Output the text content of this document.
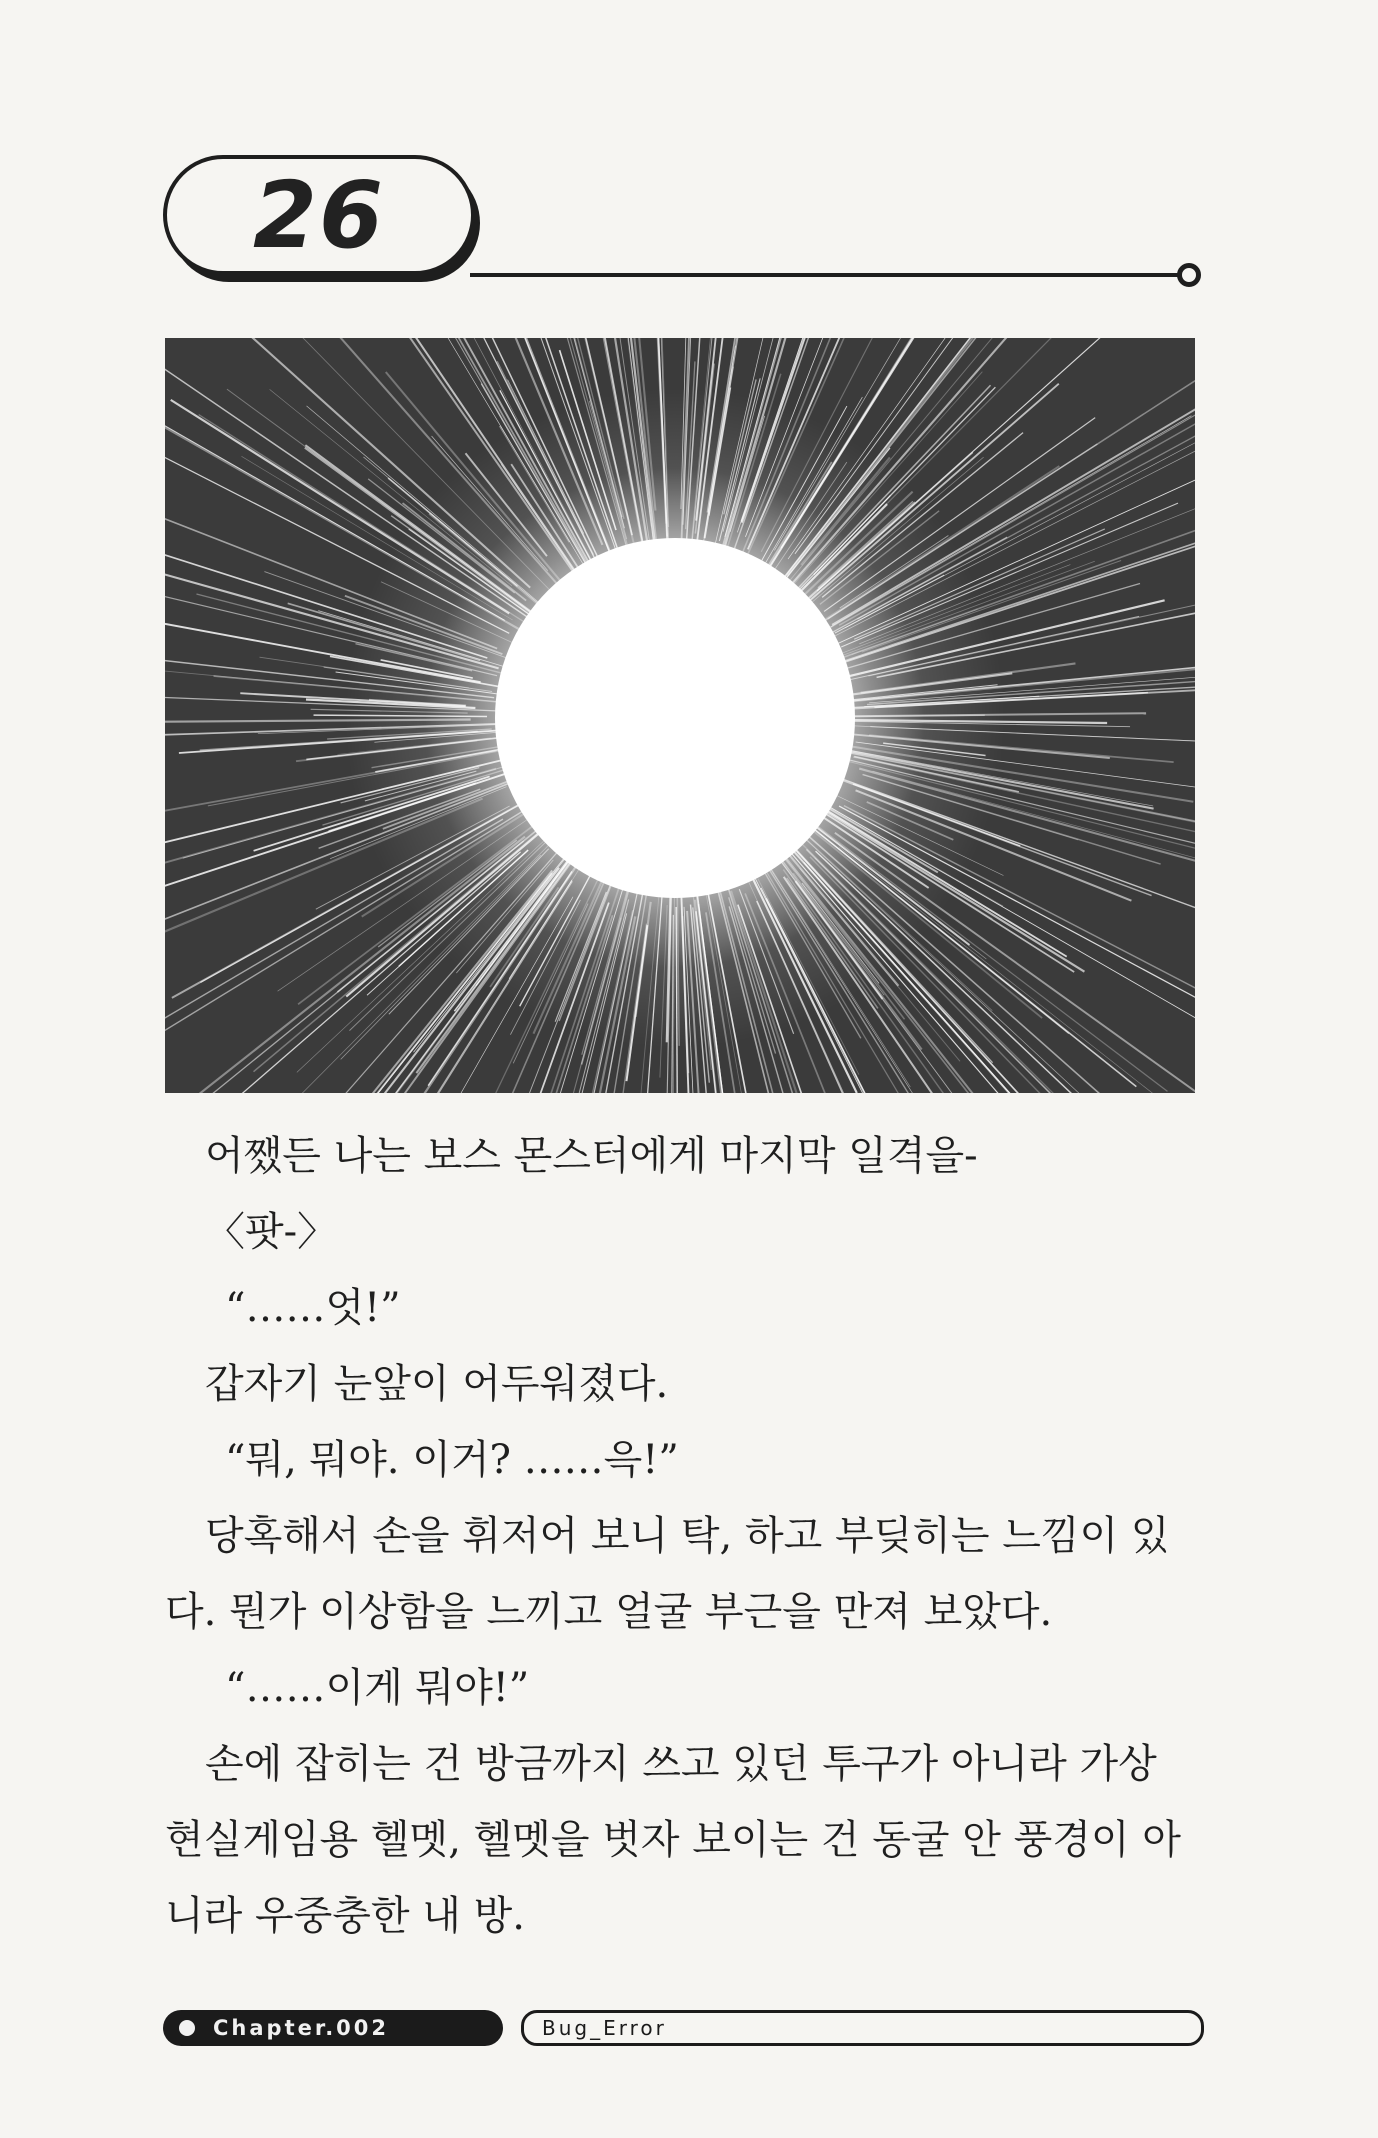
26

어쨌든 나는 보스 몬스터에게 마지막 일격을-

〈팟-〉

“……엇!”

갑자기 눈앞이 어두워졌다.

“뭐, 뭐야. 이거? ……윽!”

당혹해서 손을 휘저어 보니 탁, 하고 부딪히는 느낌이 있

다. 뭔가 이상함을 느끼고 얼굴 부근을 만져 보았다.

“……이게 뭐야!”

손에 잡히는 건 방금까지 쓰고 있던 투구가 아니라 가상

현실게임용 헬멧, 헬멧을 벗자 보이는 건 동굴 안 풍경이 아

니라 우중충한 내 방.

Chapter.002	Bug_Error
